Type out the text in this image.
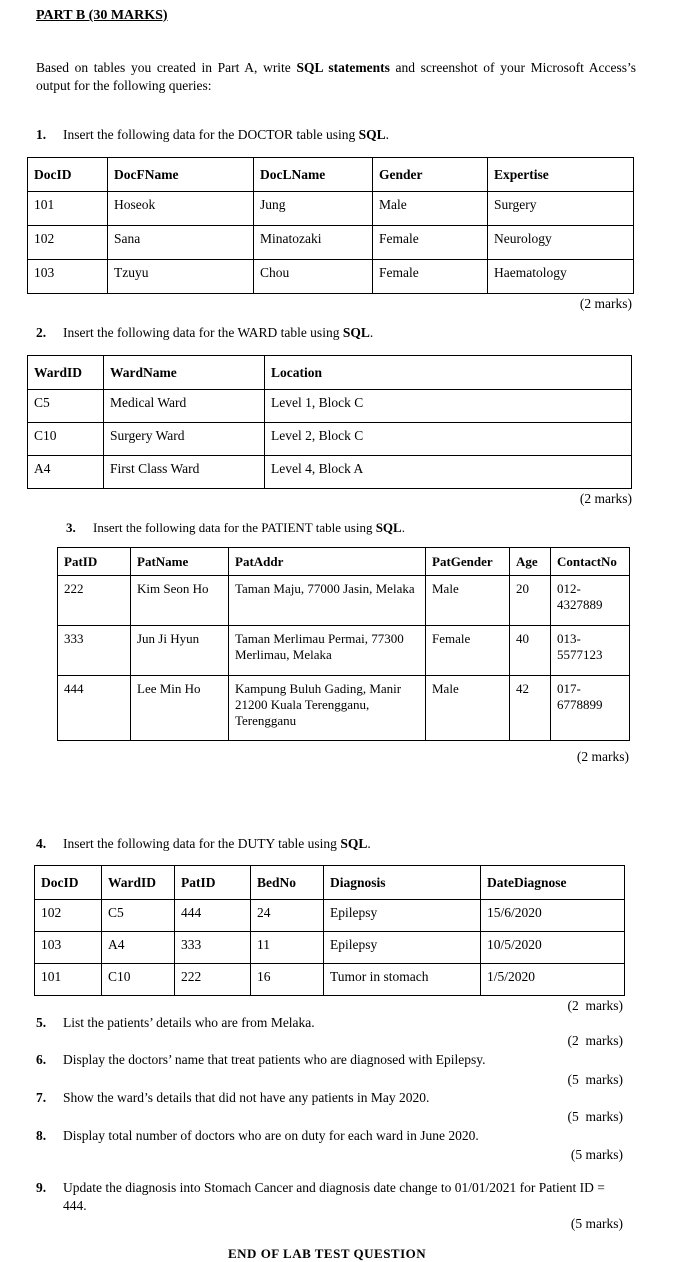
PART B (30 MARKS)
Based on tables you created in Part A, write SQL statements and screenshot of your Microsoft Access’s output for the following queries:
1. Insert the following data for the DOCTOR table using SQL.
DocID	DocFName	DocLName	Gender	Expertise
101	Hoseok	Jung	Male	Surgery
102	Sana	Minatozaki	Female	Neurology
103	Tzuyu	Chou	Female	Haematology
(2 marks)
2. Insert the following data for the WARD table using SQL.
WardID	WardName	Location
C5	Medical Ward	Level 1, Block C
C10	Surgery Ward	Level 2, Block C
A4	First Class Ward	Level 4, Block A
(2 marks)
3. Insert the following data for the PATIENT table using SQL.
PatID	PatName	PatAddr	PatGender	Age	ContactNo
222	Kim Seon Ho	Taman Maju, 77000 Jasin, Melaka	Male	20	012-4327889
333	Jun Ji Hyun	Taman Merlimau Permai, 77300 Merlimau, Melaka	Female	40	013-5577123
444	Lee Min Ho	Kampung Buluh Gading, Manir 21200 Kuala Terengganu, Terengganu	Male	42	017-6778899
(2 marks)
4. Insert the following data for the DUTY table using SQL.
DocID	WardID	PatID	BedNo	Diagnosis	DateDiagnose
102	C5	444	24	Epilepsy	15/6/2020
103	A4	333	11	Epilepsy	10/5/2020
101	C10	222	16	Tumor in stomach	1/5/2020
(2  marks)
5. List the patients’ details who are from Melaka.
(2  marks)
6. Display the doctors’ name that treat patients who are diagnosed with Epilepsy.
(5  marks)
7. Show the ward’s details that did not have any patients in May 2020.
(5  marks)
8. Display total number of doctors who are on duty for each ward in June 2020.
(5 marks)
9.	Update the diagnosis into Stomach Cancer and diagnosis date change to 01/01/2021 for Patient ID = 444.
(5 marks)
END OF LAB TEST QUESTION
